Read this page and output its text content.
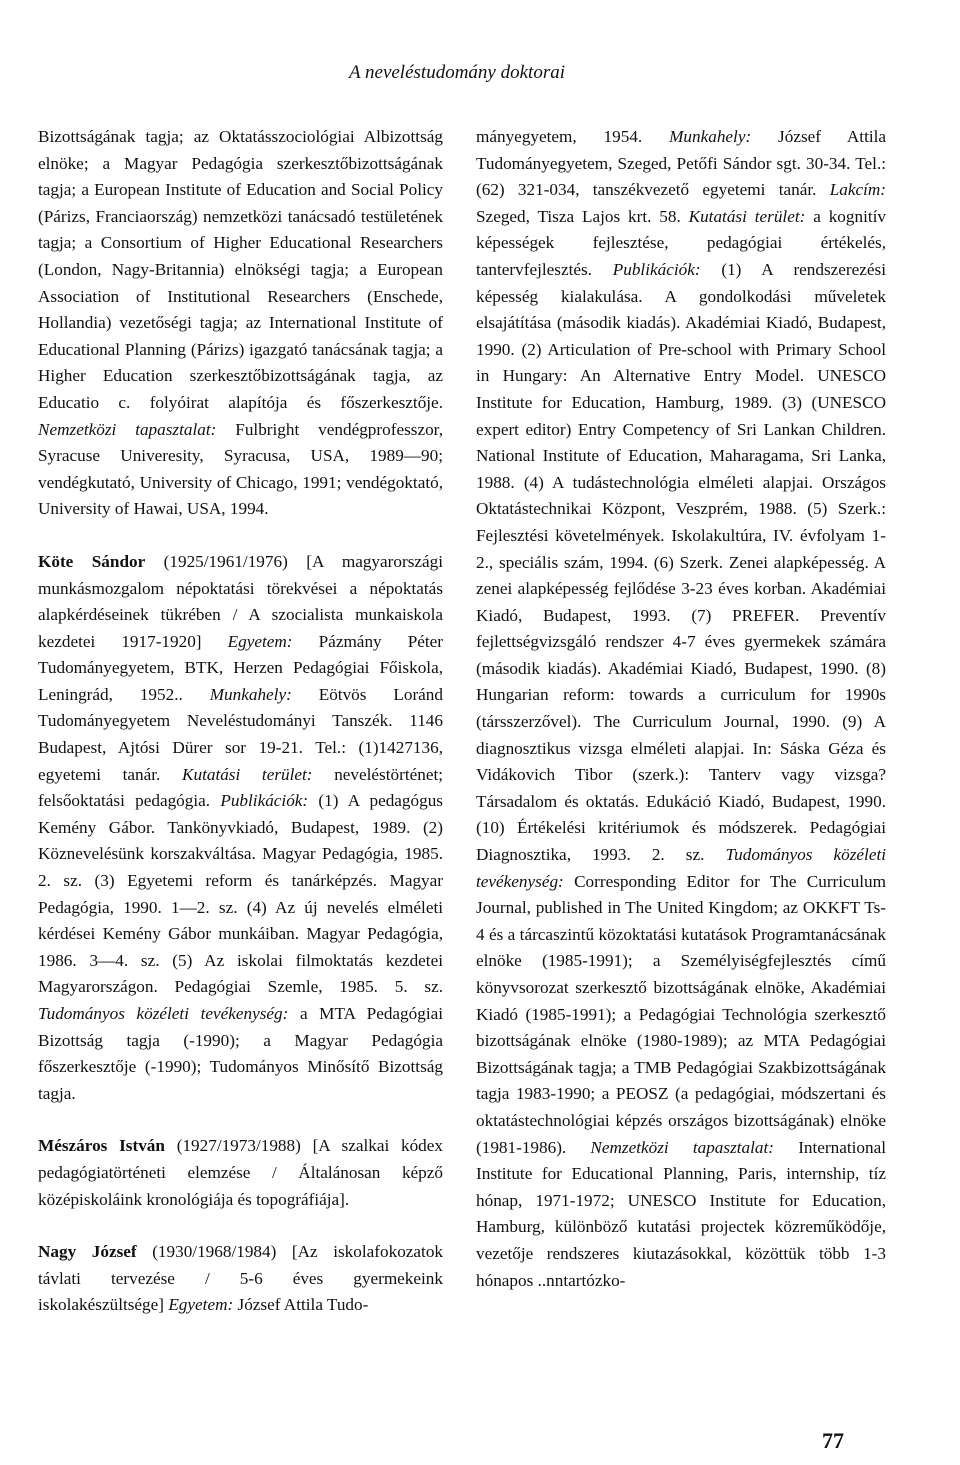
A neveléstudomány doktorai

Bizottságának tagja; az Oktatásszociológiai Albizottság elnöke; a Magyar Pedagógia szerkesztőbizottságának tagja; a European Institute of Education and Social Policy (Párizs, Franciaország) nemzetközi tanácsadó testületének tagja; a Consortium of Higher Educational Researchers (London, Nagy-Britannia) elnökségi tagja; a European Association of Institutional Researchers (Enschede, Hollandia) vezetőségi tagja; az International Institute of Educational Planning (Párizs) igazgató tanácsának tagja; a Higher Education szerkesztőbizottságának tagja, az Educatio c. folyóirat alapítója és főszerkesztője. Nemzetközi tapasztalat: Fulbright vendégprofesszor, Syracuse Univeresity, Syracusa, USA, 1989—90; vendégkutató, University of Chicago, 1991; vendégoktató, University of Hawai, USA, 1994.

Köte Sándor (1925/1961/1976) [A magyarországi munkásmozgalom népoktatási törekvései a népoktatás alapkérdéseinek tükrében / A szocialista munkaiskola kezdetei 1917-1920] Egyetem: Pázmány Péter Tudományegyetem, BTK, Herzen Pedagógiai Főiskola, Leningrád, 1952.. Munkahely: Eötvös Loránd Tudományegyetem Neveléstudományi Tanszék. 1146 Budapest, Ajtósi Dürer sor 19-21. Tel.: (1)1427136, egyetemi tanár. Kutatási terület: neveléstörténet; felsőoktatási pedagógia. Publikációk: (1) A pedagógus Kemény Gábor. Tankönyvkiadó, Budapest, 1989. (2) Köznevelésünk korszakváltása. Magyar Pedagógia, 1985. 2. sz. (3) Egyetemi reform és tanárképzés. Magyar Pedagógia, 1990. 1—2. sz. (4) Az új nevelés elméleti kérdései Kemény Gábor munkáiban. Magyar Pedagógia, 1986. 3—4. sz. (5) Az iskolai filmoktatás kezdetei Magyarországon. Pedagógiai Szemle, 1985. 5. sz. Tudományos közéleti tevékenység: a MTA Pedagógiai Bizottság tagja (-1990); a Magyar Pedagógia főszerkesztője (-1990); Tudományos Minősítő Bizottság tagja.

Mészáros István (1927/1973/1988) [A szalkai kódex pedagógiatörténeti elemzése / Általánosan képző középiskoláink kronológiája és topográfiája].

Nagy József (1930/1968/1984) [Az iskolafokozatok távlati tervezése / 5-6 éves gyermekeink iskolakészültsége] Egyetem: József Attila Tudo-

mányegyetem, 1954. Munkahely: József Attila Tudományegyetem, Szeged, Petőfi Sándor sgt. 30-34. Tel.: (62) 321-034, tanszékvezető egyetemi tanár. Lakcím: Szeged, Tisza Lajos krt. 58. Kutatási terület: a kognitív képességek fejlesztése, pedagógiai értékelés, tantervfejlesztés. Publikációk: (1) A rendszerezési képesség kialakulása. A gondolkodási műveletek elsajátítása (második kiadás). Akadémiai Kiadó, Budapest, 1990. (2) Articulation of Pre-school with Primary School in Hungary: An Alternative Entry Model. UNESCO Institute for Education, Hamburg, 1989. (3) (UNESCO expert editor) Entry Competency of Sri Lankan Children. National Institute of Education, Maharagama, Sri Lanka, 1988. (4) A tudástechnológia elméleti alapjai. Országos Oktatástechnikai Központ, Veszprém, 1988. (5) Szerk.: Fejlesztési követelmények. Iskolakultúra, IV. évfolyam 1-2., speciális szám, 1994. (6) Szerk. Zenei alapképesség. A zenei alapképesség fejlődése 3-23 éves korban. Akadémiai Kiadó, Budapest, 1993. (7) PREFER. Preventív fejlettségvizsgáló rendszer 4-7 éves gyermekek számára (második kiadás). Akadémiai Kiadó, Budapest, 1990. (8) Hungarian reform: towards a curriculum for 1990s (társszerzővel). The Curriculum Journal, 1990. (9) A diagnosztikus vizsga elméleti alapjai. In: Sáska Géza és Vidákovich Tibor (szerk.): Tanterv vagy vizsga? Társadalom és oktatás. Edukáció Kiadó, Budapest, 1990. (10) Értékelési kritériumok és módszerek. Pedagógiai Diagnosztika, 1993. 2. sz. Tudományos közéleti tevékenység: Corresponding Editor for The Curriculum Journal, published in The United Kingdom; az OKKFT Ts-4 és a tárcaszintű közoktatási kutatások Programtanácsának elnöke (1985-1991); a Személyiségfejlesztés című könyvsorozat szerkesztő bizottságának elnöke, Akadémiai Kiadó (1985-1991); a Pedagógiai Technológia szerkesztő bizottságának elnöke (1980-1989); az MTA Pedagógiai Bizottságának tagja; a TMB Pedagógiai Szakbizottságának tagja 1983-1990; a PEOSZ (a pedagógiai, módszertani és oktatástechnológiai képzés országos bizottságának) elnöke (1981-1986). Nemzetközi tapasztalat: International Institute for Educational Planning, Paris, internship, tíz hónap, 1971-1972; UNESCO Institute for Education, Hamburg, különböző kutatási projectek közreműködője, vezetője rendszeres kiutazásokkal, közöttük több 1-3 hónapos ..nntartózko-

77
